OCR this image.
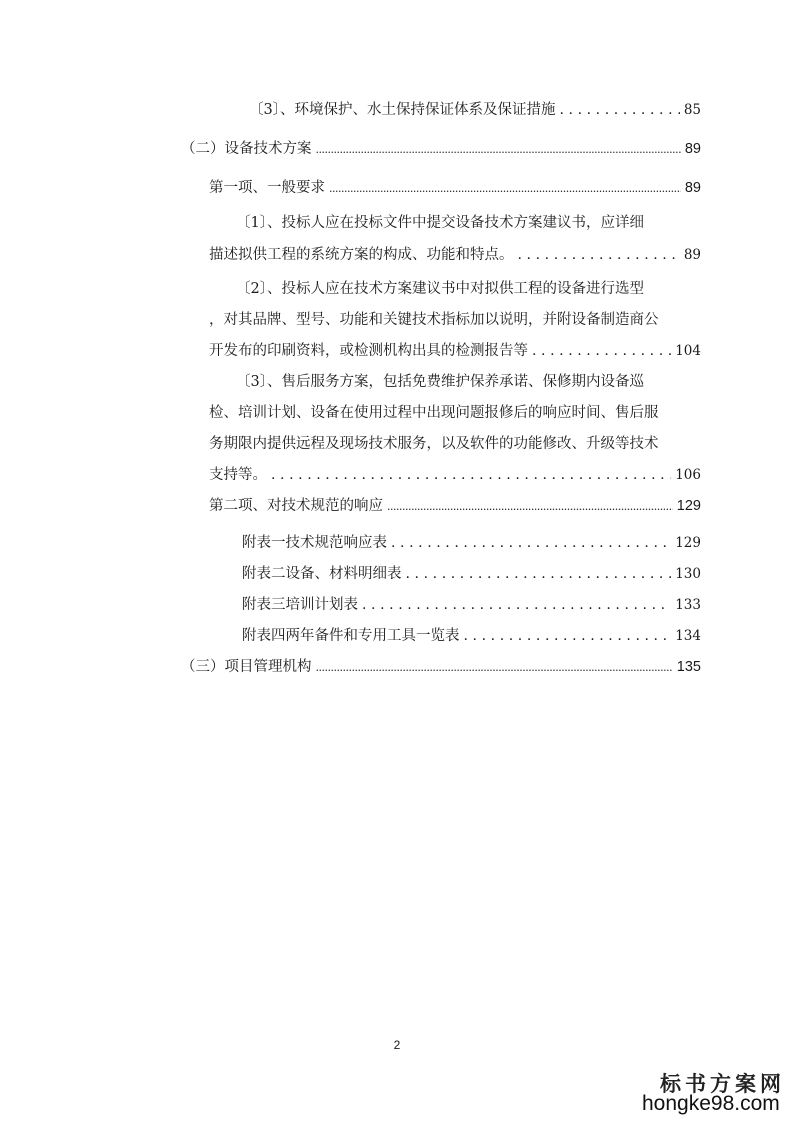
〔3〕、环境保护、水土保持保证体系及保证措施 .....	85
（二）设备技术方案 .....	89
第一项、一般要求 .....	89
〔1〕、投标人应在投标文件中提交设备技术方案建议书，应详细
描述拟供工程的系统方案的构成、功能和特点。 .....	89
〔2〕、投标人应在技术方案建议书中对拟供工程的设备进行选型
，对其品牌、型号、功能和关键技术指标加以说明，并附设备制造商公
开发布的印刷资料，或检测机构出具的检测报告等 .....	104
〔3〕、售后服务方案，包括免费维护保养承诺、保修期内设备巡
检、培训计划、设备在使用过程中出现问题报修后的响应时间、售后服
务期限内提供远程及现场技术服务，以及软件的功能修改、升级等技术
支持等。 .....	106
第二项、对技术规范的响应 .....	129
附表一技术规范响应表 .....	129
附表二设备、材料明细表 .....	130
附表三培训计划表 .....	133
附表四两年备件和专用工具一览表 .....	134
（三）项目管理机构 .....	135
2
标书方案网
hongke98.com
